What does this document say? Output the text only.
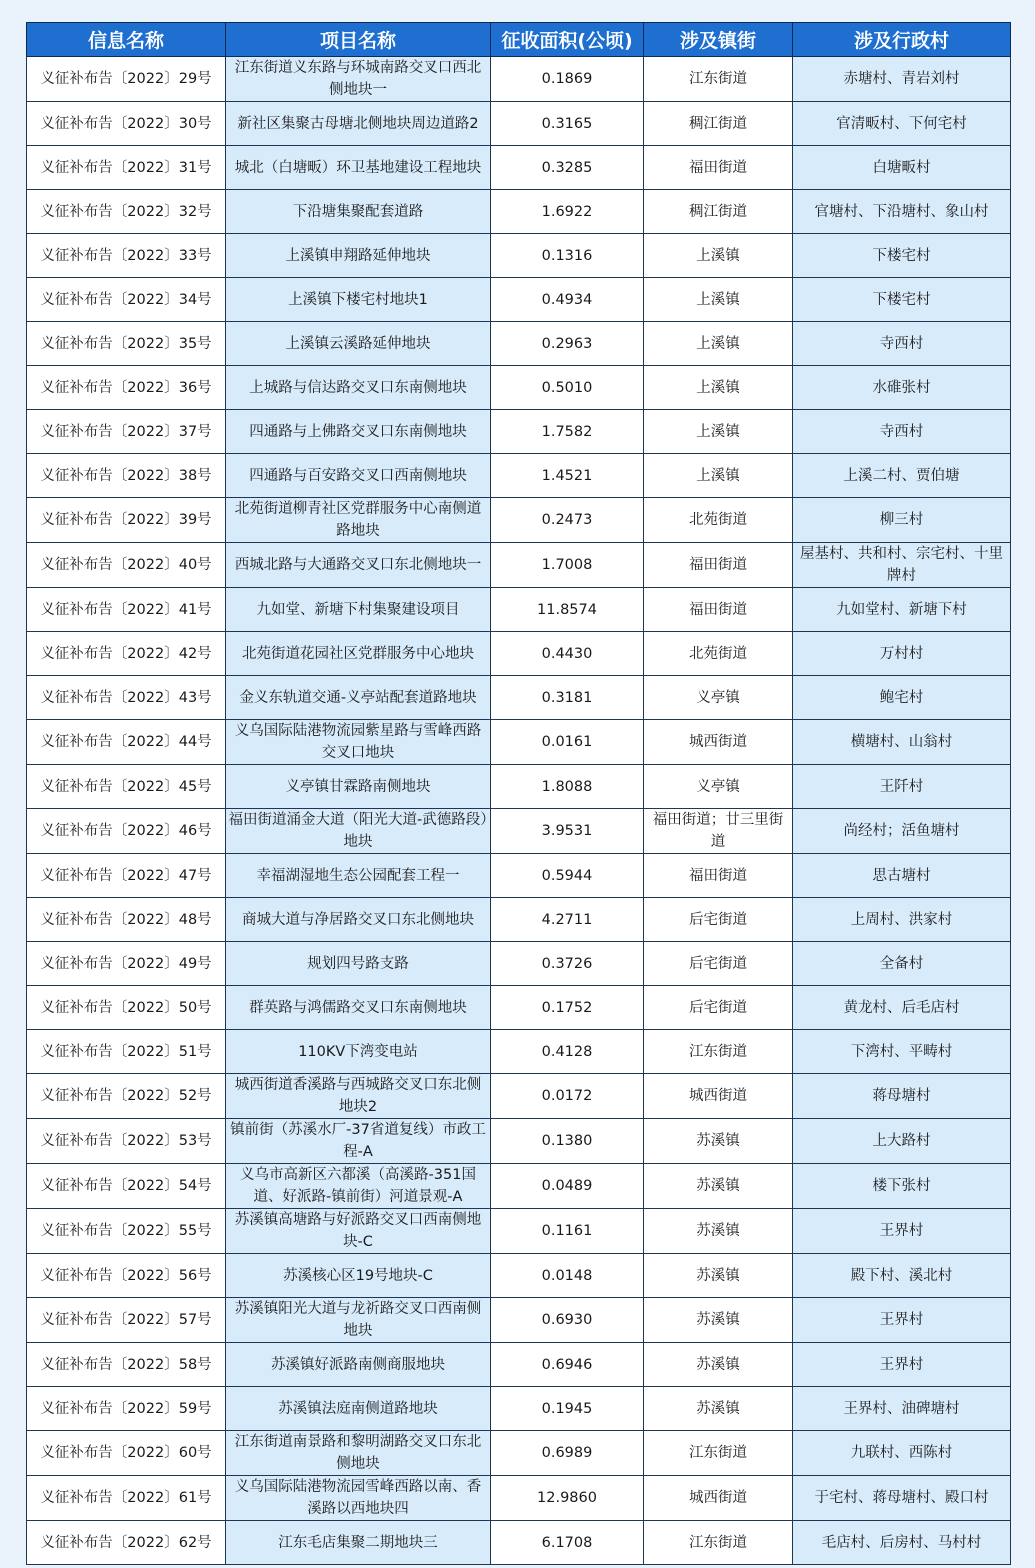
信息名称	项目名称	征收面积(公顷)	涉及镇街	涉及行政村
义征补布告〔2022〕29号	江东街道义东路与环城南路交叉口西北侧地块一	0.1869	江东街道	赤塘村、青岩刘村
义征补布告〔2022〕30号	新社区集聚古母塘北侧地块周边道路2	0.3165	稠江街道	官清畈村、下何宅村
义征补布告〔2022〕31号	城北（白塘畈）环卫基地建设工程地块	0.3285	福田街道	白塘畈村
义征补布告〔2022〕32号	下沿塘集聚配套道路	1.6922	稠江街道	官塘村、下沿塘村、象山村
义征补布告〔2022〕33号	上溪镇申翔路延伸地块	0.1316	上溪镇	下楼宅村
义征补布告〔2022〕34号	上溪镇下楼宅村地块1	0.4934	上溪镇	下楼宅村
义征补布告〔2022〕35号	上溪镇云溪路延伸地块	0.2963	上溪镇	寺西村
义征补布告〔2022〕36号	上城路与信达路交叉口东南侧地块	0.5010	上溪镇	水碓张村
义征补布告〔2022〕37号	四通路与上佛路交叉口东南侧地块	1.7582	上溪镇	寺西村
义征补布告〔2022〕38号	四通路与百安路交叉口西南侧地块	1.4521	上溪镇	上溪二村、贾伯塘
义征补布告〔2022〕39号	北苑街道柳青社区党群服务中心南侧道路地块	0.2473	北苑街道	柳三村
义征补布告〔2022〕40号	西城北路与大通路交叉口东北侧地块一	1.7008	福田街道	屋基村、共和村、宗宅村、十里牌村
义征补布告〔2022〕41号	九如堂、新塘下村集聚建设项目	11.8574	福田街道	九如堂村、新塘下村
义征补布告〔2022〕42号	北苑街道花园社区党群服务中心地块	0.4430	北苑街道	万村村
义征补布告〔2022〕43号	金义东轨道交通-义亭站配套道路地块	0.3181	义亭镇	鲍宅村
义征补布告〔2022〕44号	义乌国际陆港物流园紫星路与雪峰西路交叉口地块	0.0161	城西街道	横塘村、山翁村
义征补布告〔2022〕45号	义亭镇甘霖路南侧地块	1.8088	义亭镇	王阡村
义征补布告〔2022〕46号	福田街道涌金大道（阳光大道-武德路段）地块	3.9531	福田街道；廿三里街道	尚经村；活鱼塘村
义征补布告〔2022〕47号	幸福湖湿地生态公园配套工程一	0.5944	福田街道	思古塘村
义征补布告〔2022〕48号	商城大道与净居路交叉口东北侧地块	4.2711	后宅街道	上周村、洪家村
义征补布告〔2022〕49号	规划四号路支路	0.3726	后宅街道	全备村
义征补布告〔2022〕50号	群英路与鸿儒路交叉口东南侧地块	0.1752	后宅街道	黄龙村、后毛店村
义征补布告〔2022〕51号	110KV下湾变电站	0.4128	江东街道	下湾村、平畴村
义征补布告〔2022〕52号	城西街道香溪路与西城路交叉口东北侧地块2	0.0172	城西街道	蒋母塘村
义征补布告〔2022〕53号	镇前街（苏溪水厂-37省道复线）市政工程-A	0.1380	苏溪镇	上大路村
义征补布告〔2022〕54号	义乌市高新区六都溪（高溪路-351国道、好派路-镇前街）河道景观-A	0.0489	苏溪镇	楼下张村
义征补布告〔2022〕55号	苏溪镇高塘路与好派路交叉口西南侧地块-C	0.1161	苏溪镇	王界村
义征补布告〔2022〕56号	苏溪核心区19号地块-C	0.0148	苏溪镇	殿下村、溪北村
义征补布告〔2022〕57号	苏溪镇阳光大道与龙祈路交叉口西南侧地块	0.6930	苏溪镇	王界村
义征补布告〔2022〕58号	苏溪镇好派路南侧商服地块	0.6946	苏溪镇	王界村
义征补布告〔2022〕59号	苏溪镇法庭南侧道路地块	0.1945	苏溪镇	王界村、油碑塘村
义征补布告〔2022〕60号	江东街道南景路和黎明湖路交叉口东北侧地块	0.6989	江东街道	九联村、西陈村
义征补布告〔2022〕61号	义乌国际陆港物流园雪峰西路以南、香溪路以西地块四	12.9860	城西街道	于宅村、蒋母塘村、殿口村
义征补布告〔2022〕62号	江东毛店集聚二期地块三	6.1708	江东街道	毛店村、后房村、马村村
